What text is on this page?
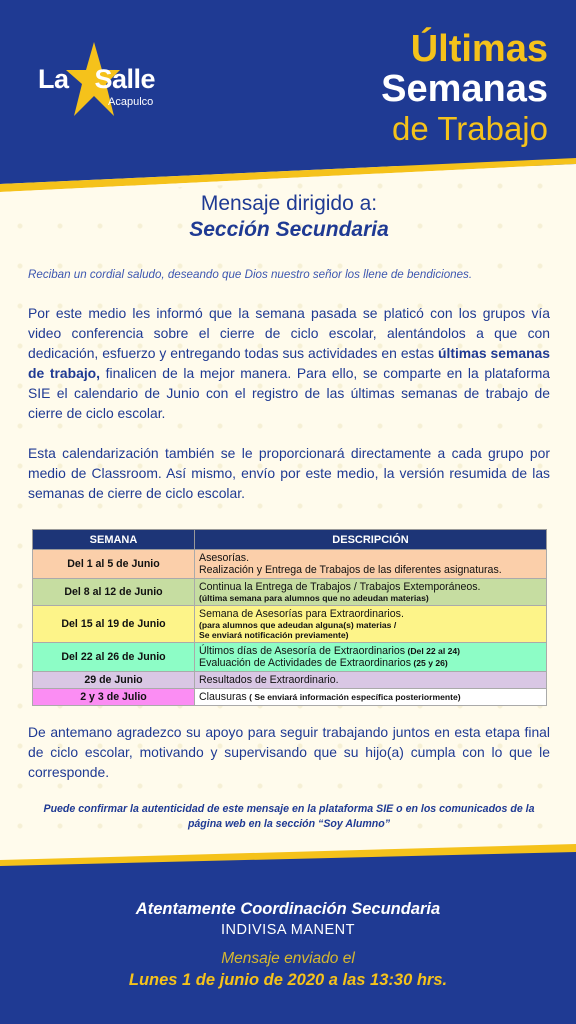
La Salle
Acapulco
Últimas
Semanas
de Trabajo
Mensaje dirigido a:
Sección Secundaria
Reciban un cordial saludo, deseando que Dios nuestro señor los llene de bendiciones.
Por este medio les informó que la semana pasada se platicó con los grupos vía video conferencia sobre el cierre de ciclo escolar, alentándolos a que con dedicación, esfuerzo y entregando todas sus actividades en estas últimas semanas de trabajo, finalicen de la mejor manera. Para ello, se comparte en la plataforma SIE el calendario de Junio con el registro de las últimas semanas de trabajo de cierre de ciclo escolar.
Esta calendarización también se le proporcionará directamente a cada grupo por medio de Classroom. Así mismo, envío por este medio, la versión resumida de las semanas de cierre de ciclo escolar.
SEMANA	DESCRIPCIÓN
Del 1 al 5 de Junio	Asesorías.
Realización y Entrega de Trabajos de las diferentes asignaturas.

Del 8 al 12 de Junio	Continua la Entrega de Trabajos / Trabajos Extemporáneos.
(última semana para alumnos que no adeudan materias)

Del 15 al 19 de Junio	Semana de Asesorías para Extraordinarios.
(para alumnos que adeudan alguna(s) materias /
Se enviará notificación previamente)

Del 22 al 26 de Junio	Últimos días de Asesoría de Extraordinarios (Del 22 al 24)
Evaluación de Actividades de Extraordinarios (25 y 26)

29 de Junio	Resultados de Extraordinario.

2 y 3 de Julio	Clausuras ( Se enviará información específica posteriormente)
De antemano agradezco su apoyo para seguir trabajando juntos en esta etapa final de ciclo escolar, motivando y supervisando que su hijo(a) cumpla con lo que le corresponde.
Puede confirmar la autenticidad de este mensaje en la plataforma SIE o en los comunicados de la página web en la sección “Soy Alumno”
Atentamente Coordinación Secundaria
INDIVISA MANENT
Mensaje enviado el
Lunes 1 de junio de 2020 a las 13:30 hrs.
